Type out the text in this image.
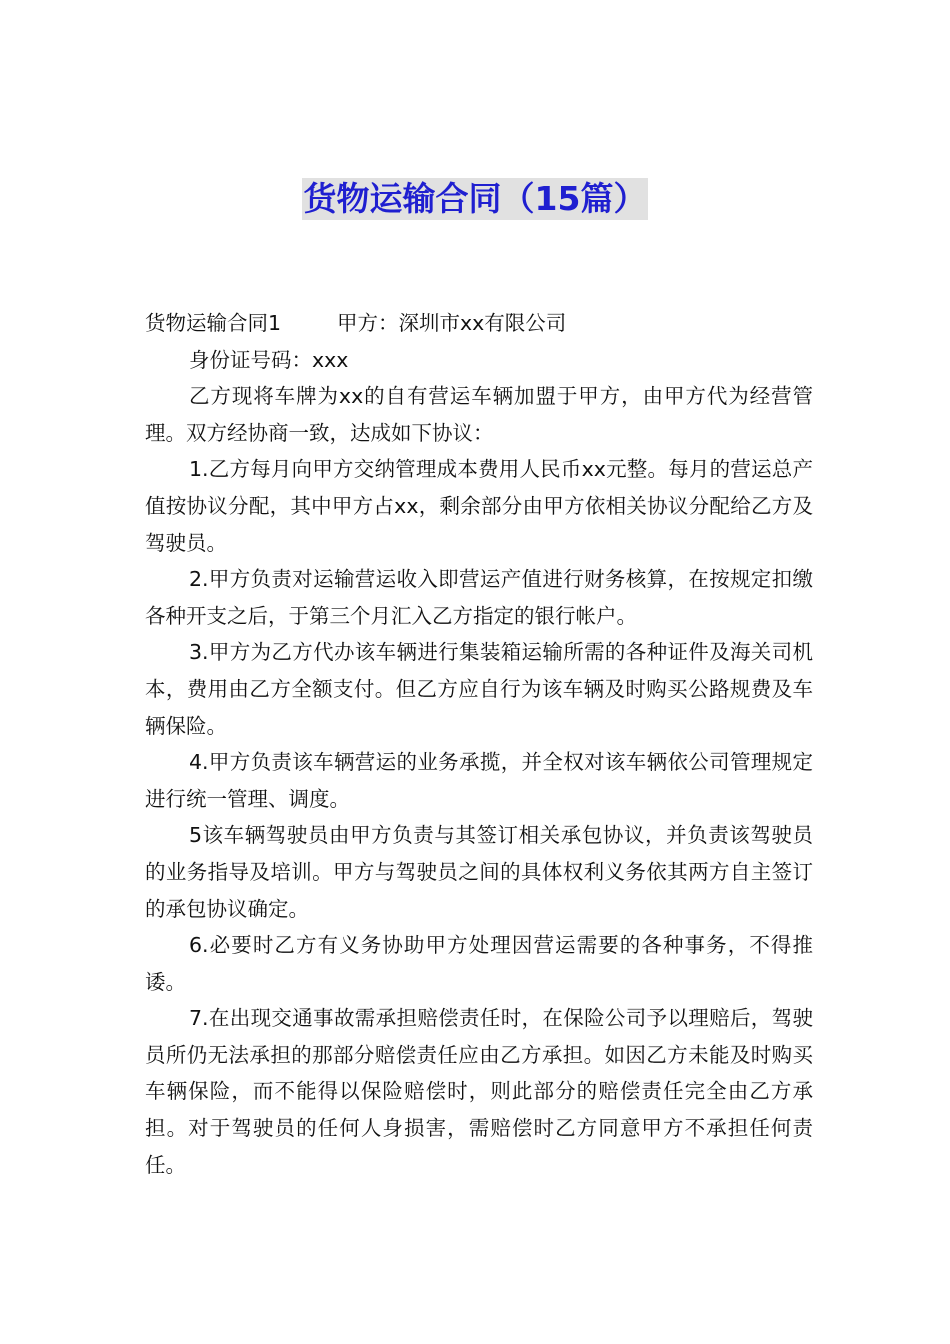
货物运输合同（15篇）

货物运输合同1	甲方：深圳市xx有限公司

身份证号码：xxx

乙方现将车牌为xx的自有营运车辆加盟于甲方，由甲方代为经营管理。双方经协商一致，达成如下协议：

1.乙方每月向甲方交纳管理成本费用人民币xx元整。每月的营运总产值按协议分配，其中甲方占xx，剩余部分由甲方依相关协议分配给乙方及驾驶员。

2.甲方负责对运输营运收入即营运产值进行财务核算，在按规定扣缴各种开支之后，于第三个月汇入乙方指定的银行帐户。

3.甲方为乙方代办该车辆进行集装箱运输所需的各种证件及海关司机本，费用由乙方全额支付。但乙方应自行为该车辆及时购买公路规费及车辆保险。

4.甲方负责该车辆营运的业务承揽，并全权对该车辆依公司管理规定进行统一管理、调度。

5该车辆驾驶员由甲方负责与其签订相关承包协议，并负责该驾驶员的业务指导及培训。甲方与驾驶员之间的具体权利义务依其两方自主签订的承包协议确定。

6.必要时乙方有义务协助甲方处理因营运需要的各种事务，不得推诿。

7.在出现交通事故需承担赔偿责任时，在保险公司予以理赔后，驾驶员所仍无法承担的那部分赔偿责任应由乙方承担。如因乙方未能及时购买车辆保险，而不能得以保险赔偿时，则此部分的赔偿责任完全由乙方承担。对于驾驶员的任何人身损害，需赔偿时乙方同意甲方不承担任何责任。
